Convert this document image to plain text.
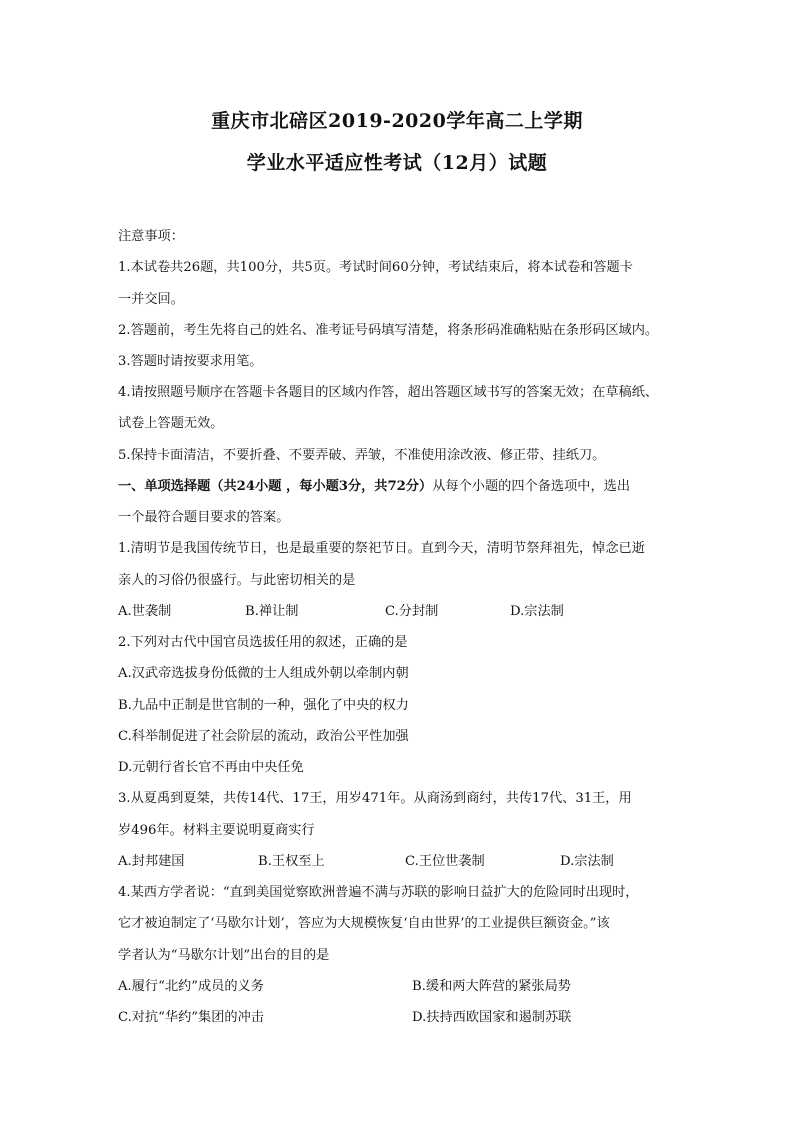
重庆市北碚区2019-2020学年高二上学期
学业水平适应性考试（12月）试题
注意事项：
1.本试卷共26题，共100分，共5页。考试时间60分钟，考试结束后，将本试卷和答题卡
一并交回。
2.答题前，考生先将自己的姓名、准考证号码填写清楚，将条形码准确粘贴在条形码区域内。
3.答题时请按要求用笔。
4.请按照题号顺序在答题卡各题目的区域内作答，超出答题区域书写的答案无效；在草稿纸、
试卷上答题无效。
5.保持卡面清洁，不要折叠、不要弄破、弄皱，不准使用涂改液、修正带、挂纸刀。
一、单项选择题（共24小题 ，每小题3分，共72分）从每个小题的四个备选项中，选出
一个最符合题目要求的答案。
1.清明节是我国传统节日，也是最重要的祭祀节日。直到今天，清明节祭拜祖先，悼念已逝
亲人的习俗仍很盛行。与此密切相关的是
A.世袭制	B.禅让制	C.分封制	D.宗法制
2.下列对古代中国官员选拔任用的叙述，正确的是
A.汉武帝选拔身份低微的士人组成外朝以牵制内朝
B.九品中正制是世官制的一种，强化了中央的权力
C.科举制促进了社会阶层的流动，政治公平性加强
D.元朝行省长官不再由中央任免
3.从夏禹到夏桀，共传14代、17王，用岁471年。从商汤到商纣，共传17代、31王，用
岁496年。材料主要说明夏商实行
A.封邦建国	B.王权至上	C.王位世袭制	D.宗法制
4.某西方学者说：“直到美国觉察欧洲普遍不满与苏联的影响日益扩大的危险同时出现时，
它才被迫制定了‘马歇尔计划’，答应为大规模恢复‘自由世界’的工业提供巨额资金。”该
学者认为“马歇尔计划”出台的目的是
A.履行“北约”成员的义务	B.缓和两大阵营的紧张局势
C.对抗“华约”集团的冲击	D.扶持西欧国家和遏制苏联
